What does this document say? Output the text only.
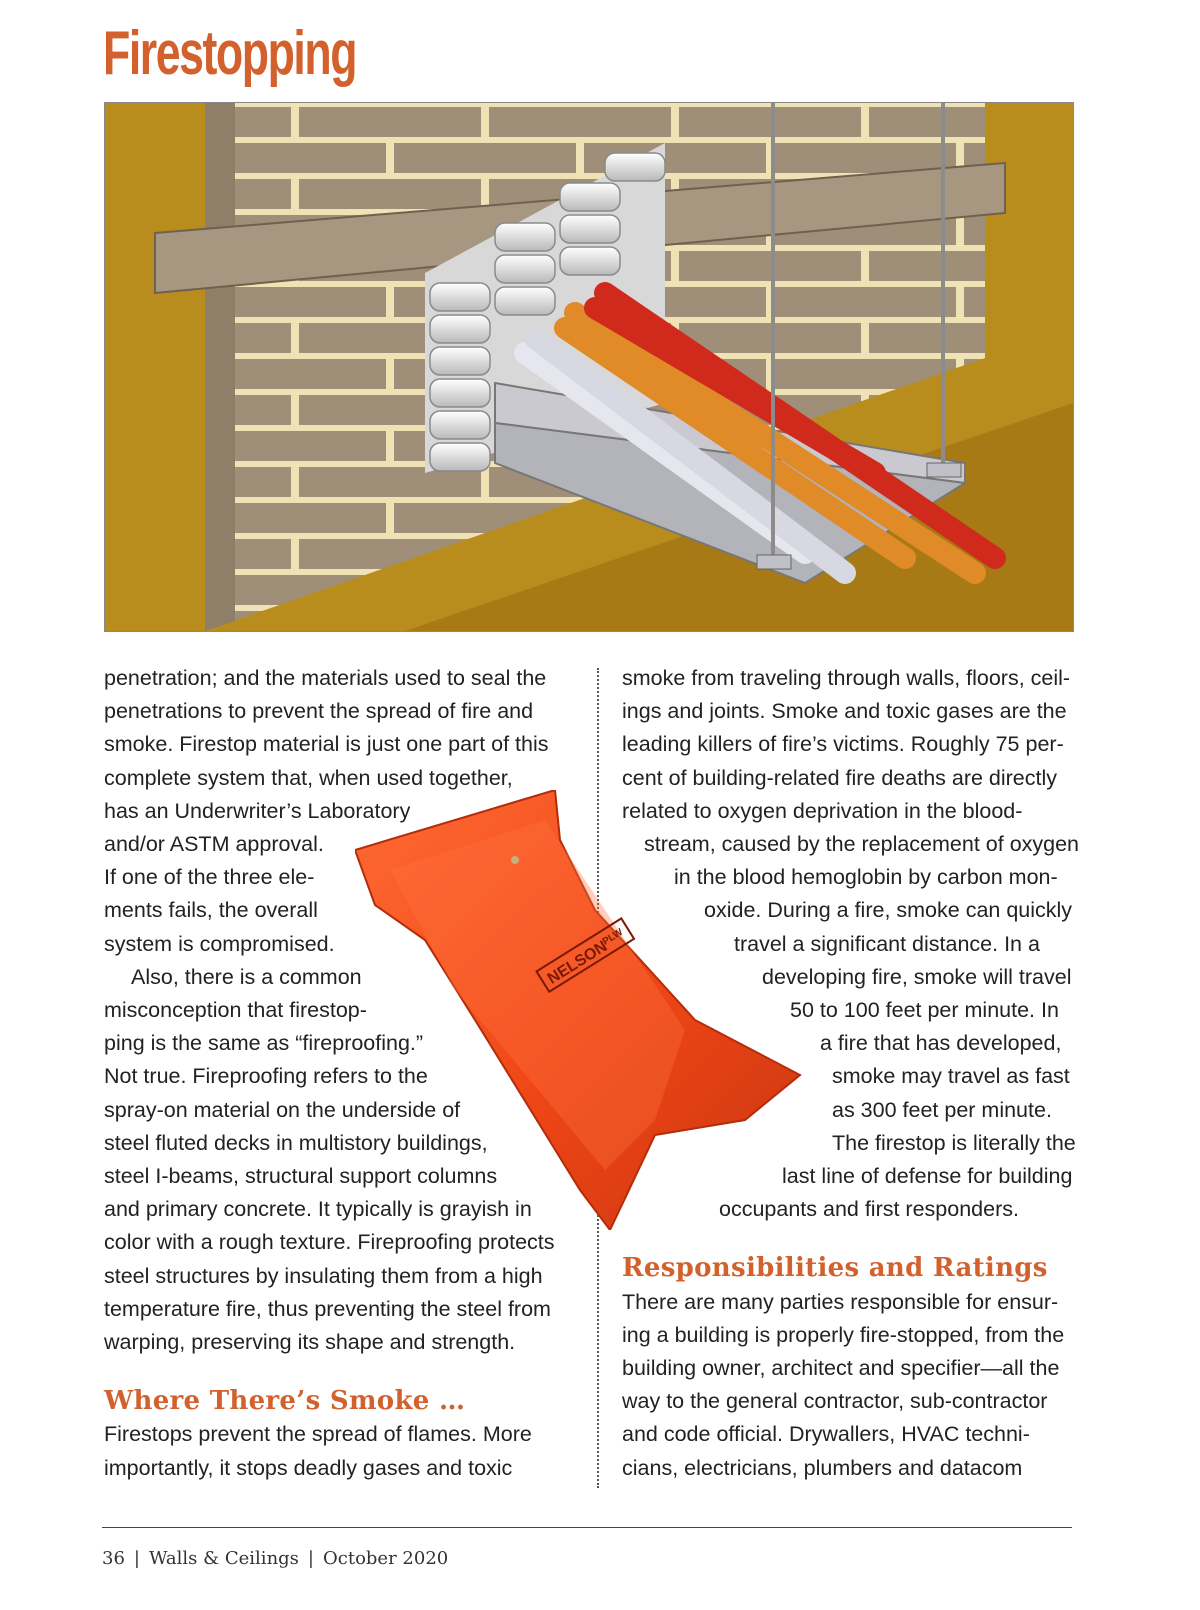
Firestopping

penetration; and the materials used to seal the
penetrations to prevent the spread of fire and
smoke. Firestop material is just one part of this
complete system that, when used together,
has an Underwriter’s Laboratory
and/or ASTM approval.
If one of the three ele-
ments fails, the overall
system is compromised.

Also, there is a common
misconception that firestop-
ping is the same as “fireproofing.”
Not true. Fireproofing refers to the
spray-on material on the underside of
steel fluted decks in multistory buildings,
steel I-beams, structural support columns
and primary concrete. It typically is grayish in
color with a rough texture. Fireproofing protects
steel structures by insulating them from a high
temperature fire, thus preventing the steel from
warping, preserving its shape and strength.

Where There’s Smoke …

Firestops prevent the spread of flames. More
importantly, it stops deadly gases and toxic

smoke from traveling through walls, floors, ceil-
ings and joints. Smoke and toxic gases are the
leading killers of fire’s victims. Roughly 75 per-
cent of building-related fire deaths are directly
related to oxygen deprivation in the blood-
stream, caused by the replacement of oxygen
in the blood hemoglobin by carbon mon-
oxide. During a fire, smoke can quickly
travel a significant distance. In a
developing fire, smoke will travel
50 to 100 feet per minute. In
a fire that has developed,
smoke may travel as fast
as 300 feet per minute.
The firestop is literally the
last line of defense for building
occupants and first responders.

Responsibilities and Ratings

There are many parties responsible for ensur-
ing a building is properly fire-stopped, from the
building owner, architect and specifier—all the
way to the general contractor, sub-contractor
and code official. Drywallers, HVAC techni-
cians, electricians, plumbers and datacom

NELSON
PLW
36 | Walls & Ceilings | October 2020
